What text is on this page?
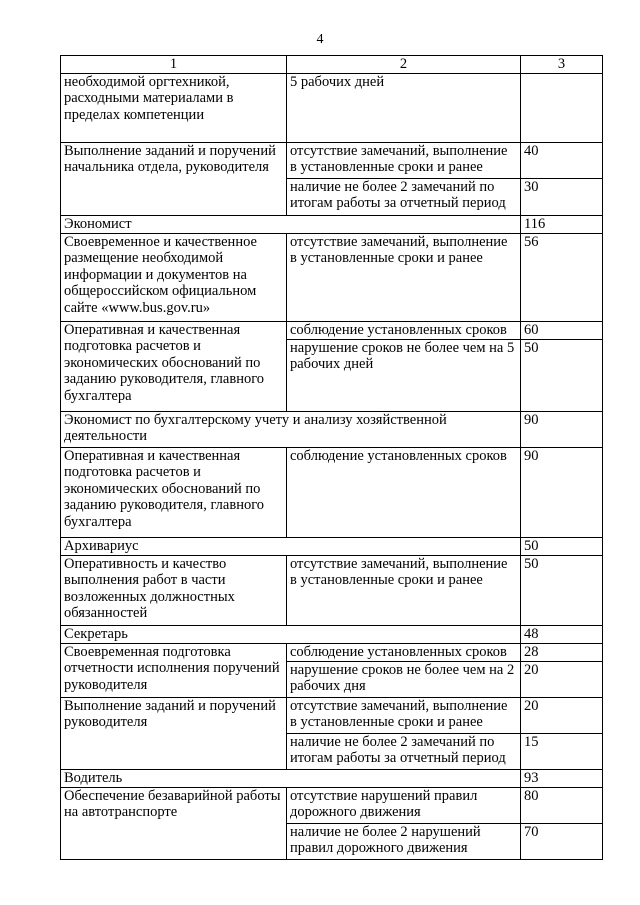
4
1	2	3
необходимой оргтехникой, расходными материалами в пределах компетенции	5 рабочих дней	
Выполнение заданий и поручений начальника отдела, руководителя	отсутствие замечаний, выполнение в установленные сроки и ранее	40
	наличие не более 2 замечаний по итогам работы за отчетный период	30
Экономист		116
Своевременное и качественное размещение необходимой информации и документов на общероссийском официальном сайте «www.bus.gov.ru»	отсутствие замечаний, выполнение в установленные сроки и ранее	56
Оперативная и качественная подготовка расчетов и экономических обоснований по заданию руководителя, главного бухгалтера	соблюдение установленных сроков	60
	нарушение сроков не более чем на 5 рабочих дней	50
Экономист по бухгалтерскому учету и анализу хозяйственной деятельности		90
Оперативная и качественная подготовка расчетов и экономических обоснований по заданию руководителя, главного бухгалтера	соблюдение установленных сроков	90
Архивариус		50
Оперативность и качество выполнения работ в части возложенных должностных обязанностей	отсутствие замечаний, выполнение в установленные сроки и ранее	50
Секретарь		48
Своевременная подготовка отчетности исполнения поручений руководителя	соблюдение установленных сроков	28
	нарушение сроков не более чем на 2 рабочих дня	20
Выполнение заданий и поручений руководителя	отсутствие замечаний, выполнение в установленные сроки и ранее	20
	наличие не более 2 замечаний по итогам работы за отчетный период	15
Водитель		93
Обеспечение безаварийной работы на автотранспорте	отсутствие нарушений правил дорожного движения	80
	наличие не более 2 нарушений правил дорожного движения	70
